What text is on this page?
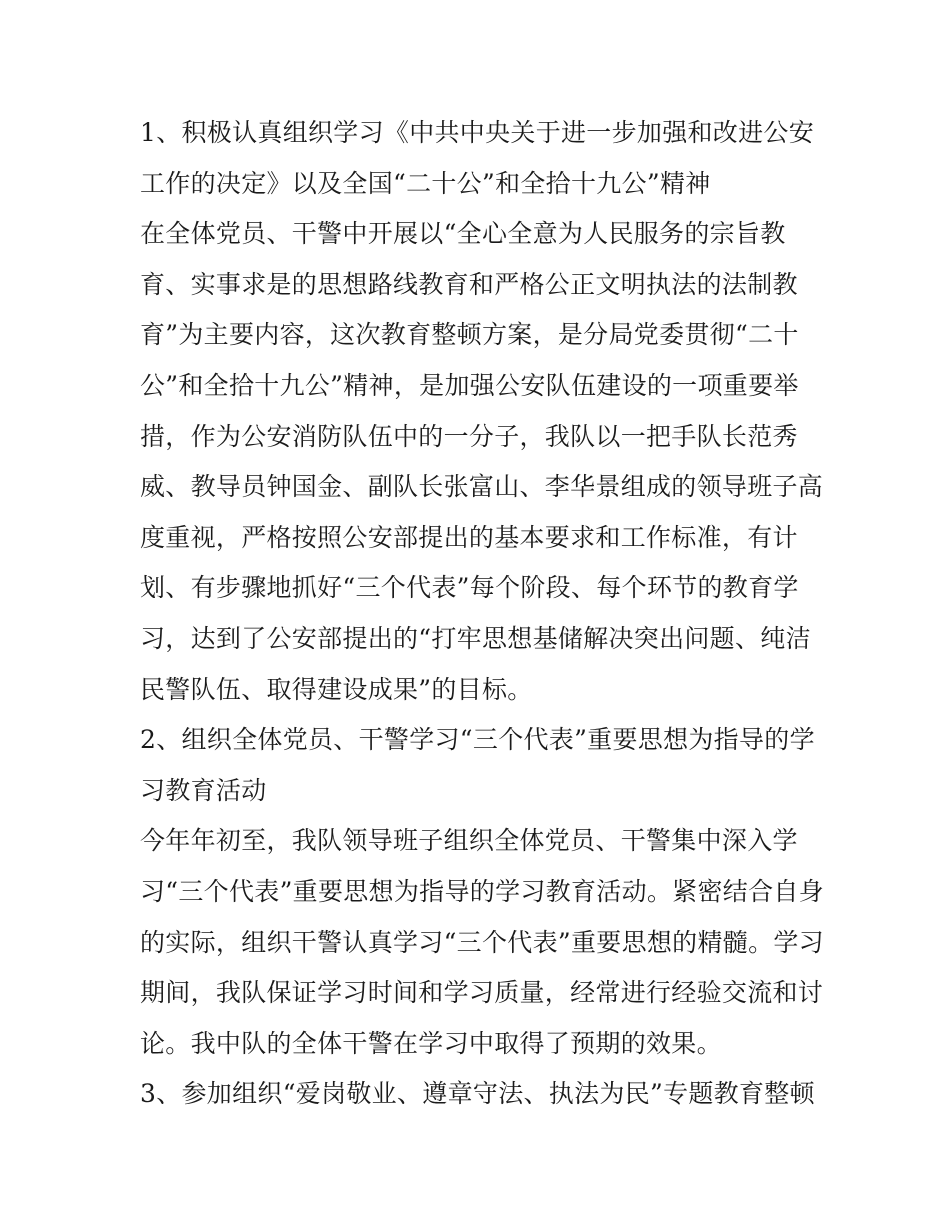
1、积极认真组织学习《中共中央关于进一步加强和改进公安

工作的决定》以及全国“二十公”和全拾十九公”精神

在全体党员、干警中开展以“全心全意为人民服务的宗旨教

育、实事求是的思想路线教育和严格公正文明执法的法制教

育”为主要内容，这次教育整顿方案，是分局党委贯彻“二十

公”和全拾十九公”精神，是加强公安队伍建设的一项重要举

措，作为公安消防队伍中的一分子，我队以一把手队长范秀

威、教导员钟国金、副队长张富山、李华景组成的领导班子高

度重视，严格按照公安部提出的基本要求和工作标准，有计

划、有步骤地抓好“三个代表”每个阶段、每个环节的教育学

习，达到了公安部提出的“打牢思想基储解决突出问题、纯洁

民警队伍、取得建设成果”的目标。

2、组织全体党员、干警学习“三个代表”重要思想为指导的学

习教育活动

今年年初至，我队领导班子组织全体党员、干警集中深入学

习“三个代表”重要思想为指导的学习教育活动。紧密结合自身

的实际，组织干警认真学习“三个代表”重要思想的精髓。学习

期间，我队保证学习时间和学习质量，经常进行经验交流和讨

论。我中队的全体干警在学习中取得了预期的效果。

3、参加组织“爱岗敬业、遵章守法、执法为民”专题教育整顿
